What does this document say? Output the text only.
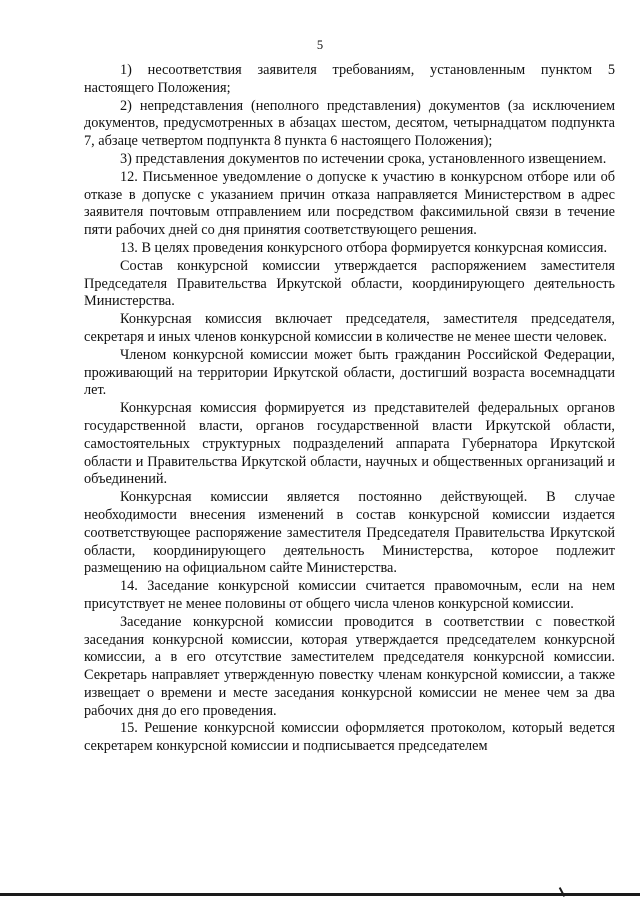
5

1) несоответствия заявителя требованиям, установленным пунктом 5 настоящего Положения;

2) непредставления (неполного представления) документов (за исключением документов, предусмотренных в абзацах шестом, десятом, четырнадцатом подпункта 7, абзаце четвертом подпункта 8 пункта 6 настоящего Положения);

3) представления документов по истечении срока, установленного извещением.

12. Письменное уведомление о допуске к участию в конкурсном отборе или об отказе в допуске с указанием причин отказа направляется Министерством в адрес заявителя почтовым отправлением или посредством факсимильной связи в течение пяти рабочих дней со дня принятия соответствующего решения.

13. В целях проведения конкурсного отбора формируется конкурсная комиссия.

Состав конкурсной комиссии утверждается распоряжением заместителя Председателя Правительства Иркутской области, координирующего деятельность Министерства.

Конкурсная комиссия включает председателя, заместителя председателя, секретаря и иных членов конкурсной комиссии в количестве не менее шести человек.

Членом конкурсной комиссии может быть гражданин Российской Федерации, проживающий на территории Иркутской области, достигший возраста восемнадцати лет.

Конкурсная комиссия формируется из представителей федеральных органов государственной власти, органов государственной власти Иркутской области, самостоятельных структурных подразделений аппарата Губернатора Иркутской области и Правительства Иркутской области, научных и общественных организаций и объединений.

Конкурсная комиссии является постоянно действующей. В случае необходимости внесения изменений в состав конкурсной комиссии издается соответствующее распоряжение заместителя Председателя Правительства Иркутской области, координирующего деятельность Министерства, которое подлежит размещению на официальном сайте Министерства.

14. Заседание конкурсной комиссии считается правомочным, если на нем присутствует не менее половины от общего числа членов конкурсной комиссии.

Заседание конкурсной комиссии проводится в соответствии с повесткой заседания конкурсной комиссии, которая утверждается председателем конкурсной комиссии, а в его отсутствие заместителем председателя конкурсной комиссии. Секретарь направляет утвержденную повестку членам конкурсной комиссии, а также извещает о времени и месте заседания конкурсной комиссии не менее чем за два рабочих дня до его проведения.

15. Решение конкурсной комиссии оформляется протоколом, который ведется секретарем конкурсной комиссии и подписывается председателем
